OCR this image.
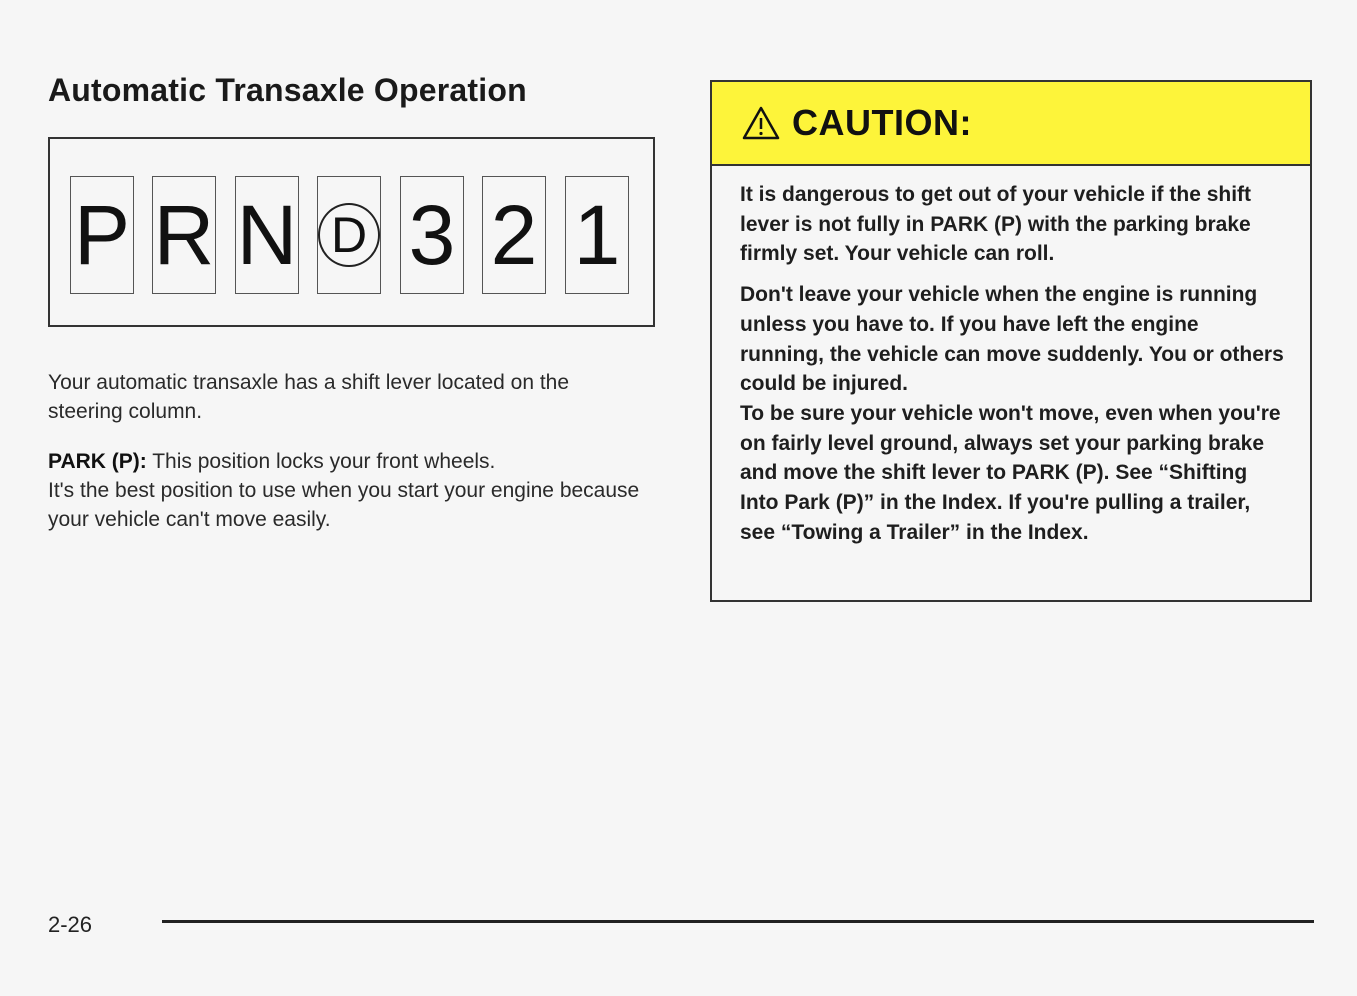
Automatic Transaxle Operation
P R N D 3 2 1

Your automatic transaxle has a shift lever located on the steering column.

PARK (P): This position locks your front wheels.
It's the best position to use when you start your engine because your vehicle can't move easily.

CAUTION:

It is dangerous to get out of your vehicle if the shift lever is not fully in PARK (P) with the parking brake firmly set. Your vehicle can roll.

Don't leave your vehicle when the engine is running unless you have to. If you have left the engine running, the vehicle can move suddenly. You or others could be injured.

To be sure your vehicle won't move, even when you're on fairly level ground, always set your parking brake and move the shift lever to PARK (P). See “Shifting Into Park (P)” in the Index. If you're pulling a trailer, see “Towing a Trailer” in the Index.

2-26
